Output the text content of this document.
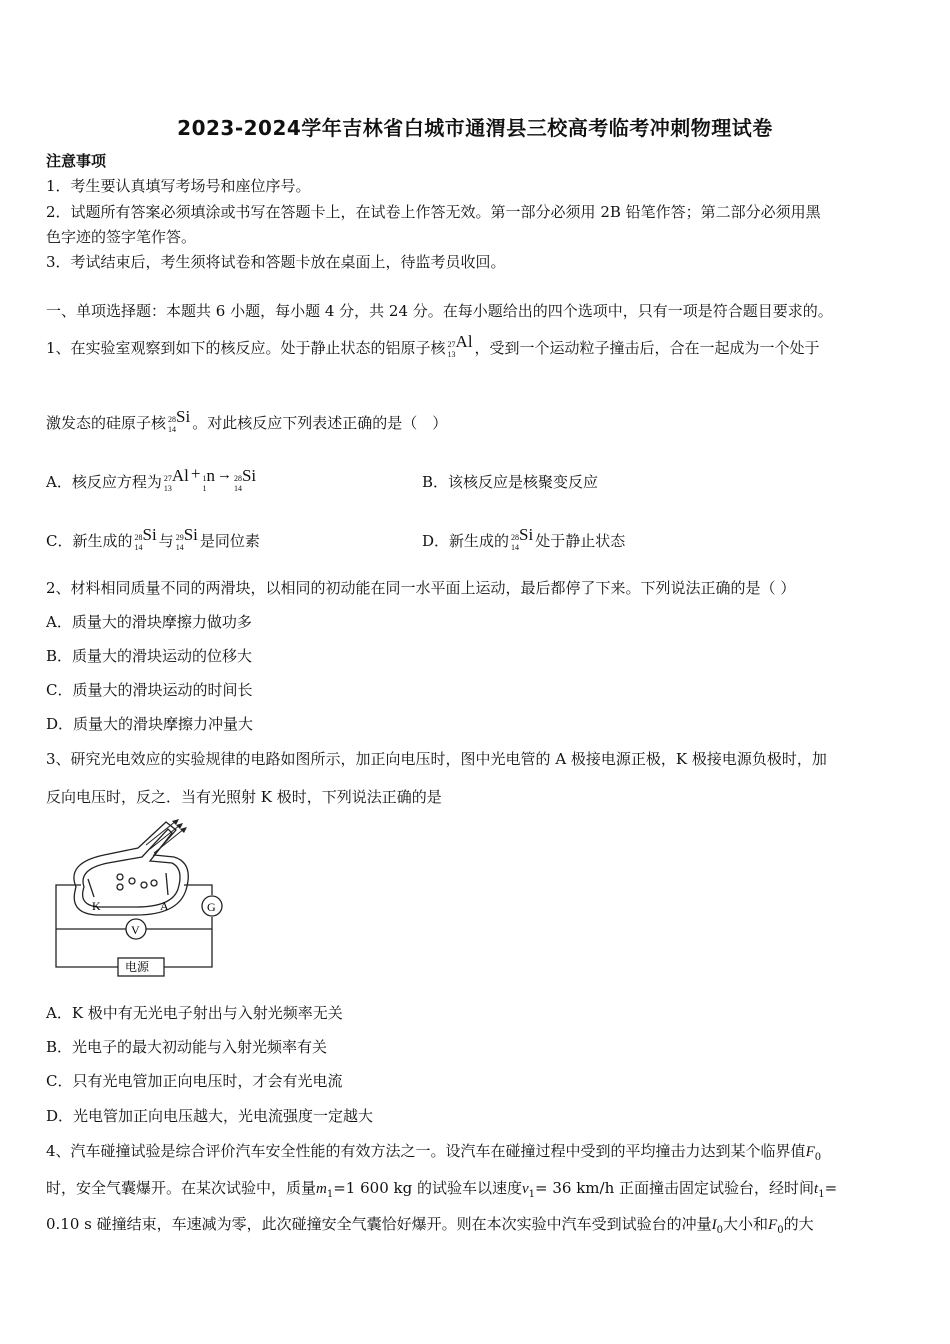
2023-2024学年吉林省白城市通渭县三校高考临考冲刺物理试卷
注意事项
1．考生要认真填写考场号和座位序号。
2．试题所有答案必须填涂或书写在答题卡上，在试卷上作答无效。第一部分必须用 2B 铅笔作答；第二部分必须用黑
色字迹的签字笔作答。
3．考试结束后，考生须将试卷和答题卡放在桌面上，待监考员收回。
一、单项选择题：本题共 6 小题，每小题 4 分，共 24 分。在每小题给出的四个选项中，只有一项是符合题目要求的。
1、在实验室观察到如下的核反应。处于静止状态的铝原子核 27
13Al ，受到一个运动粒子撞击后，合在一起成为一个处于
激发态的硅原子核 28
14Si 。对此核反应下列表述正确的是（　）
A．核反应方程为 27
13Al + 1
1n → 28
14Si	B．该核反应是核聚变反应
C．新生成的 28
14Si 与 29
14Si 是同位素	D．新生成的 28
14Si 处于静止状态
2、材料相同质量不同的两滑块，以相同的初动能在同一水平面上运动，最后都停了下来。下列说法正确的是（ ）
A．质量大的滑块摩擦力做功多
B．质量大的滑块运动的位移大
C．质量大的滑块运动的时间长
D．质量大的滑块摩擦力冲量大
3、研究光电效应的实验规律的电路如图所示，加正向电压时，图中光电管的 A 极接电源正极，K 极接电源负极时，加
反向电压时，反之．当有光照射 K 极时，下列说法正确的是
K	A	G
V
电源
A．K 极中有无光电子射出与入射光频率无关
B．光电子的最大初动能与入射光频率有关
C．只有光电管加正向电压时，才会有光电流
D．光电管加正向电压越大，光电流强度一定越大
4、汽车碰撞试验是综合评价汽车安全性能的有效方法之一。设汽车在碰撞过程中受到的平均撞击力达到某个临界值$F_0$
时，安全气囊爆开。在某次试验中，质量$m_1=1$ 600 kg 的试验车以速度$v_1= 36$ km/h 正面撞击固定试验台，经时间$t_1=$
0.10 s 碰撞结束，车速减为零，此次碰撞安全气囊恰好爆开。则在本次实验中汽车受到试验台的冲量$I_0$大小和$F_0$的大
